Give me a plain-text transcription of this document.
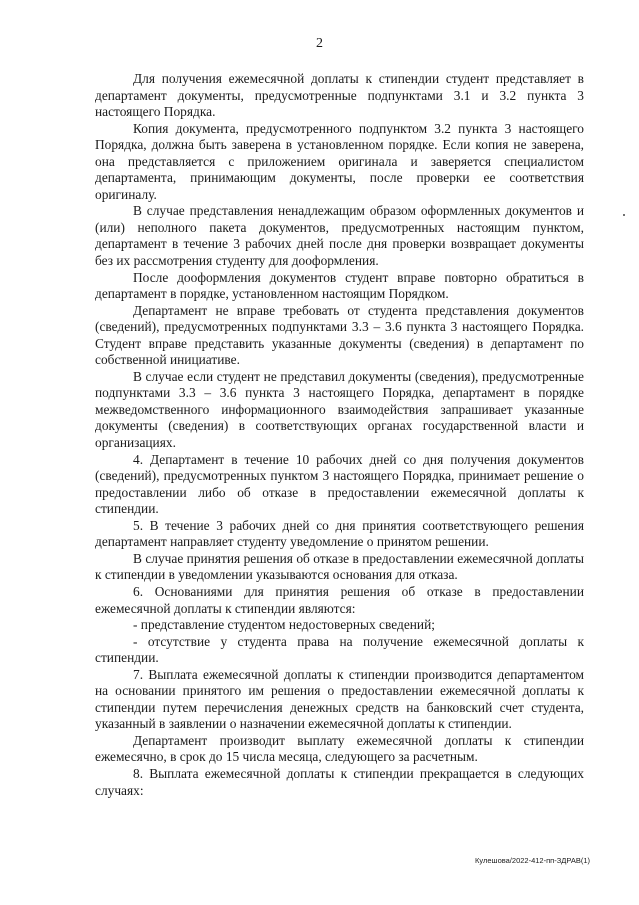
2

Для получения ежемесячной доплаты к стипендии студент представляет в департамент документы, предусмотренные подпунктами 3.1 и 3.2 пункта 3 настоящего Порядка.

Копия документа, предусмотренного подпунктом 3.2 пункта 3 настоящего Порядка, должна быть заверена в установленном порядке. Если копия не заверена, она представляется с приложением оригинала и заверяется специалистом департамента, принимающим документы, после проверки ее соответствия оригиналу.

В случае представления ненадлежащим образом оформленных документов и (или) неполного пакета документов, предусмотренных настоящим пунктом, департамент в течение 3 рабочих дней после дня проверки возвращает документы без их рассмотрения студенту для дооформления.

После дооформления документов студент вправе повторно обратиться в департамент в порядке, установленном настоящим Порядком.

Департамент не вправе требовать от студента представления документов (сведений), предусмотренных подпунктами 3.3 – 3.6 пункта 3 настоящего Порядка. Студент вправе представить указанные документы (сведения) в департамент по собственной инициативе.

В случае если студент не представил документы (сведения), предусмотренные подпунктами 3.3 – 3.6 пункта 3 настоящего Порядка, департамент в порядке межведомственного информационного взаимодействия запрашивает указанные документы (сведения) в соответствующих органах государственной власти и организациях.

4. Департамент в течение 10 рабочих дней со дня получения документов (сведений), предусмотренных пунктом 3 настоящего Порядка, принимает решение о предоставлении либо об отказе в предоставлении ежемесячной доплаты к стипендии.

5. В течение 3 рабочих дней со дня принятия соответствующего решения департамент направляет студенту уведомление о принятом решении.

В случае принятия решения об отказе в предоставлении ежемесячной доплаты к стипендии в уведомлении указываются основания для отказа.

6. Основаниями для принятия решения об отказе в предоставлении ежемесячной доплаты к стипендии являются:

- представление студентом недостоверных сведений;

- отсутствие у студента права на получение ежемесячной доплаты к стипендии.

7. Выплата ежемесячной доплаты к стипендии производится департаментом на основании принятого им решения о предоставлении ежемесячной доплаты к стипендии путем перечисления денежных средств на банковский счет студента, указанный в заявлении о назначении ежемесячной доплаты к стипендии.

Департамент производит выплату ежемесячной доплаты к стипендии ежемесячно, в срок до 15 числа месяца, следующего за расчетным.

8. Выплата ежемесячной доплаты к стипендии прекращается в следующих случаях:

Кулешова/2022-412-пп-ЗДРАВ(1)
